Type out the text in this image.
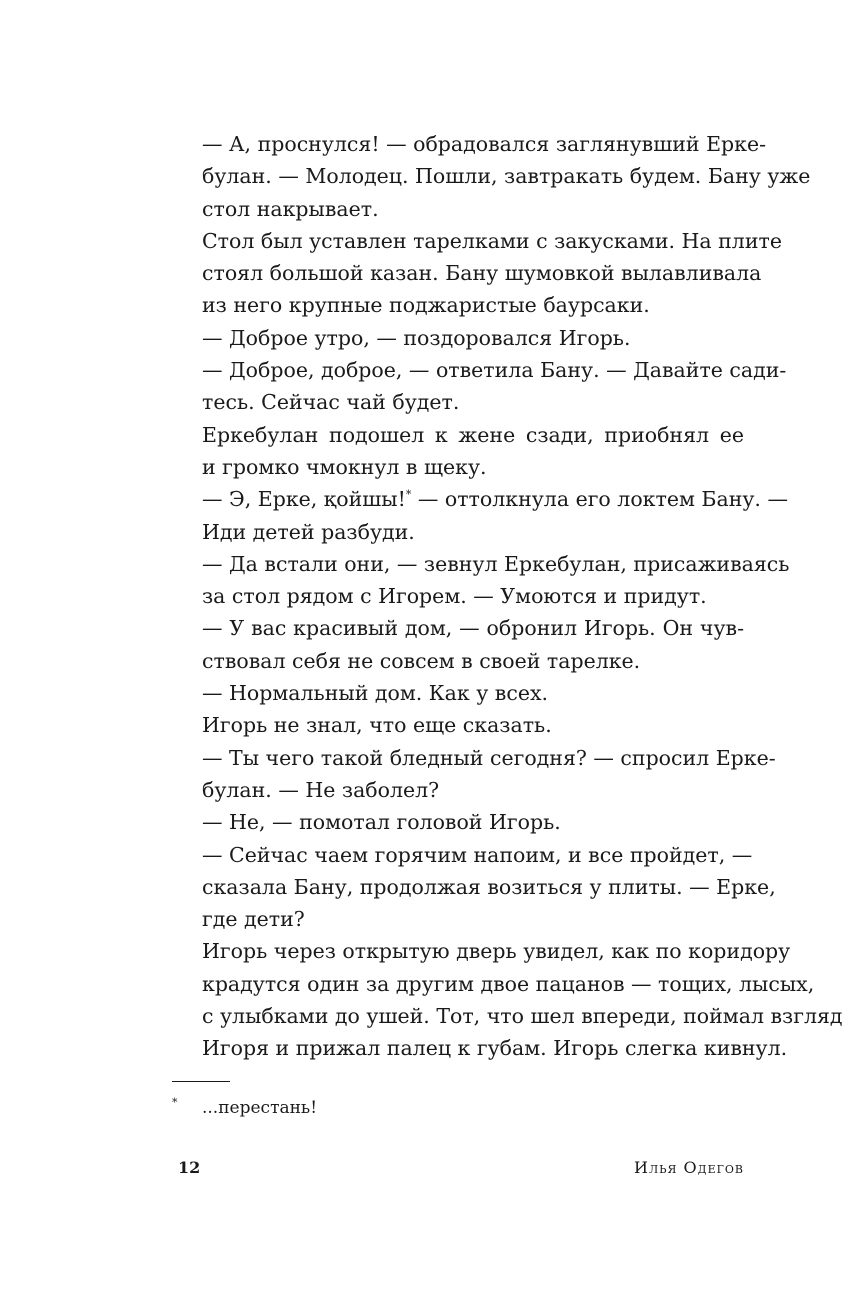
— А, проснулся! — обрадовался заглянувший Ерке-
булан. — Молодец. Пошли, завтракать будем. Бану уже
стол накрывает.
Стол был уставлен тарелками с закусками. На плите
стоял большой казан. Бану шумовкой вылавливала
из него крупные поджаристые баурсаки.
— Доброе утро, — поздоровался Игорь.
— Доброе, доброе, — ответила Бану. — Давайте сади-
тесь. Сейчас чай будет.
Еркебулан подошел к жене сзади, приобнял ее
и громко чмокнул в щеку.
— Э, Ерке, қойшы!* — оттолкнула его локтем Бану. —
Иди детей разбуди.
— Да встали они, — зевнул Еркебулан, присаживаясь
за стол рядом с Игорем. — Умоются и придут.
— У вас красивый дом, — обронил Игорь. Он чув-
ствовал себя не совсем в своей тарелке.
— Нормальный дом. Как у всех.
Игорь не знал, что еще сказать.
— Ты чего такой бледный сегодня? — спросил Ерке-
булан. — Не заболел?
— Не, — помотал головой Игорь.
— Сейчас чаем горячим напоим, и все пройдет, —
сказала Бану, продолжая возиться у плиты. — Ерке,
где дети?
Игорь через открытую дверь увидел, как по коридору
крадутся один за другим двое пацанов — тощих, лысых,
с улыбками до ушей. Тот, что шел впереди, поймал взгляд
Игоря и прижал палец к губам. Игорь слегка кивнул.
* ...перестань!
12	Илья Одегов
